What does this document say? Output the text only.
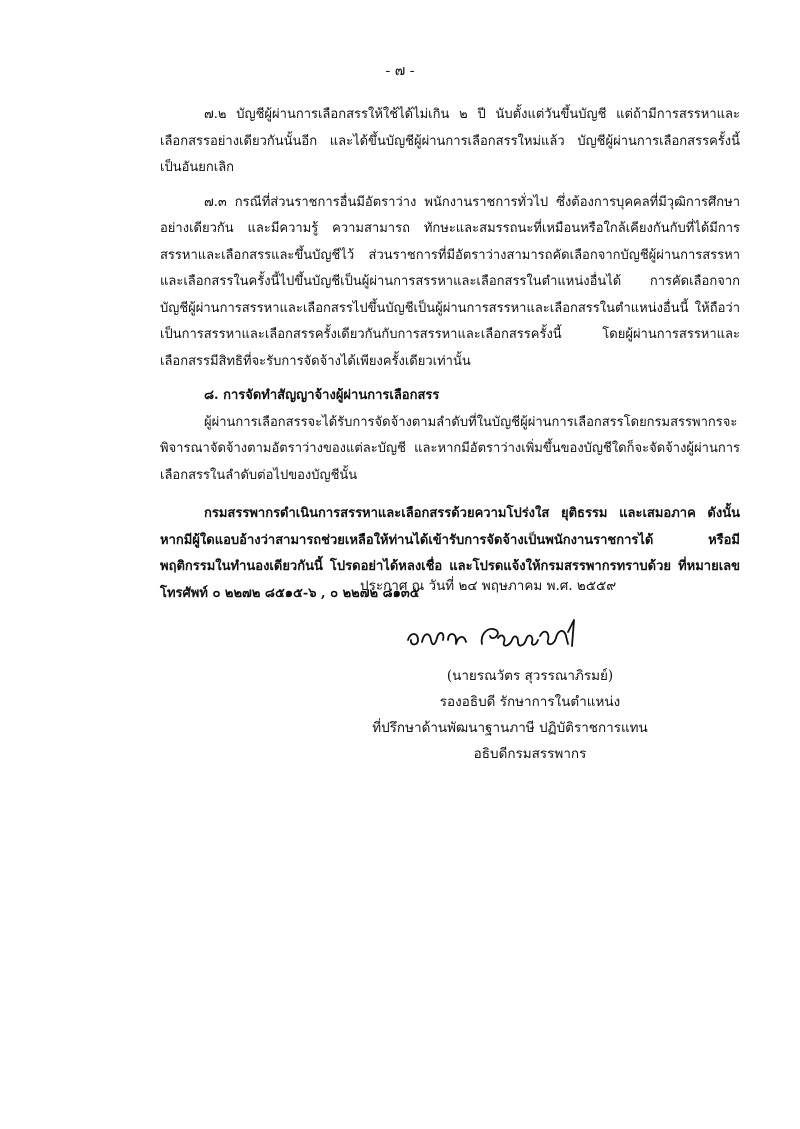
- ๗ -

๗.๒ บัญชีผู้ผ่านการเลือกสรรให้ใช้ได้ไม่เกิน ๒ ปี นับตั้งแต่วันขึ้นบัญชี แต่ถ้ามีการสรรหาและเลือกสรรอย่างเดียวกันนั้นอีก และได้ขึ้นบัญชีผู้ผ่านการเลือกสรรใหม่แล้ว บัญชีผู้ผ่านการเลือกสรรครั้งนี้เป็นอันยกเลิก

๗.๓ กรณีที่ส่วนราชการอื่นมีอัตราว่าง พนักงานราชการทั่วไป ซึ่งต้องการบุคคลที่มีวุฒิการศึกษาอย่างเดียวกัน และมีความรู้ ความสามารถ ทักษะและสมรรถนะที่เหมือนหรือใกล้เคียงกันกับที่ได้มีการสรรหาและเลือกสรรและขึ้นบัญชีไว้ ส่วนราชการที่มีอัตราว่างสามารถคัดเลือกจากบัญชีผู้ผ่านการสรรหาและเลือกสรรในครั้งนี้ไปขึ้นบัญชีเป็นผู้ผ่านการสรรหาและเลือกสรรในตำแหน่งอื่นได้ การคัดเลือกจากบัญชีผู้ผ่านการสรรหาและเลือกสรรไปขึ้นบัญชีเป็นผู้ผ่านการสรรหาและเลือกสรรในตำแหน่งอื่นนี้ ให้ถือว่าเป็นการสรรหาและเลือกสรรครั้งเดียวกันกับการสรรหาและเลือกสรรครั้งนี้ โดยผู้ผ่านการสรรหาและเลือกสรรมีสิทธิที่จะรับการจัดจ้างได้เพียงครั้งเดียวเท่านั้น

๘. การจัดทำสัญญาจ้างผู้ผ่านการเลือกสรร

ผู้ผ่านการเลือกสรรจะได้รับการจัดจ้างตามลำดับที่ในบัญชีผู้ผ่านการเลือกสรรโดยกรมสรรพากรจะพิจารณาจัดจ้างตามอัตราว่างของแต่ละบัญชี และหากมีอัตราว่างเพิ่มขึ้นของบัญชีใดก็จะจัดจ้างผู้ผ่านการเลือกสรรในลำดับต่อไปของบัญชีนั้น

กรมสรรพากรดำเนินการสรรหาและเลือกสรรด้วยความโปร่งใส ยุติธรรม และเสมอภาค ดังนั้น หากมีผู้ใดแอบอ้างว่าสามารถช่วยเหลือให้ท่านได้เข้ารับการจัดจ้างเป็นพนักงานราชการได้ หรือมีพฤติกรรมในทำนองเดียวกันนี้ โปรดอย่าได้หลงเชื่อ และโปรดแจ้งให้กรมสรรพากรทราบด้วย ที่หมายเลขโทรศัพท์ ๐ ๒๒๗๒ ๘๕๑๕-๖ , ๐ ๒๒๗๒ ๘๑๓๕

ประกาศ ณ วันที่ ๒๔ พฤษภาคม พ.ศ. ๒๕๕๙
(นายรณวัตร สุวรรณาภิรมย์)
รองอธิบดี รักษาการในตำแหน่ง
ที่ปรึกษาด้านพัฒนาฐานภาษี ปฏิบัติราชการแทน
อธิบดีกรมสรรพากร
